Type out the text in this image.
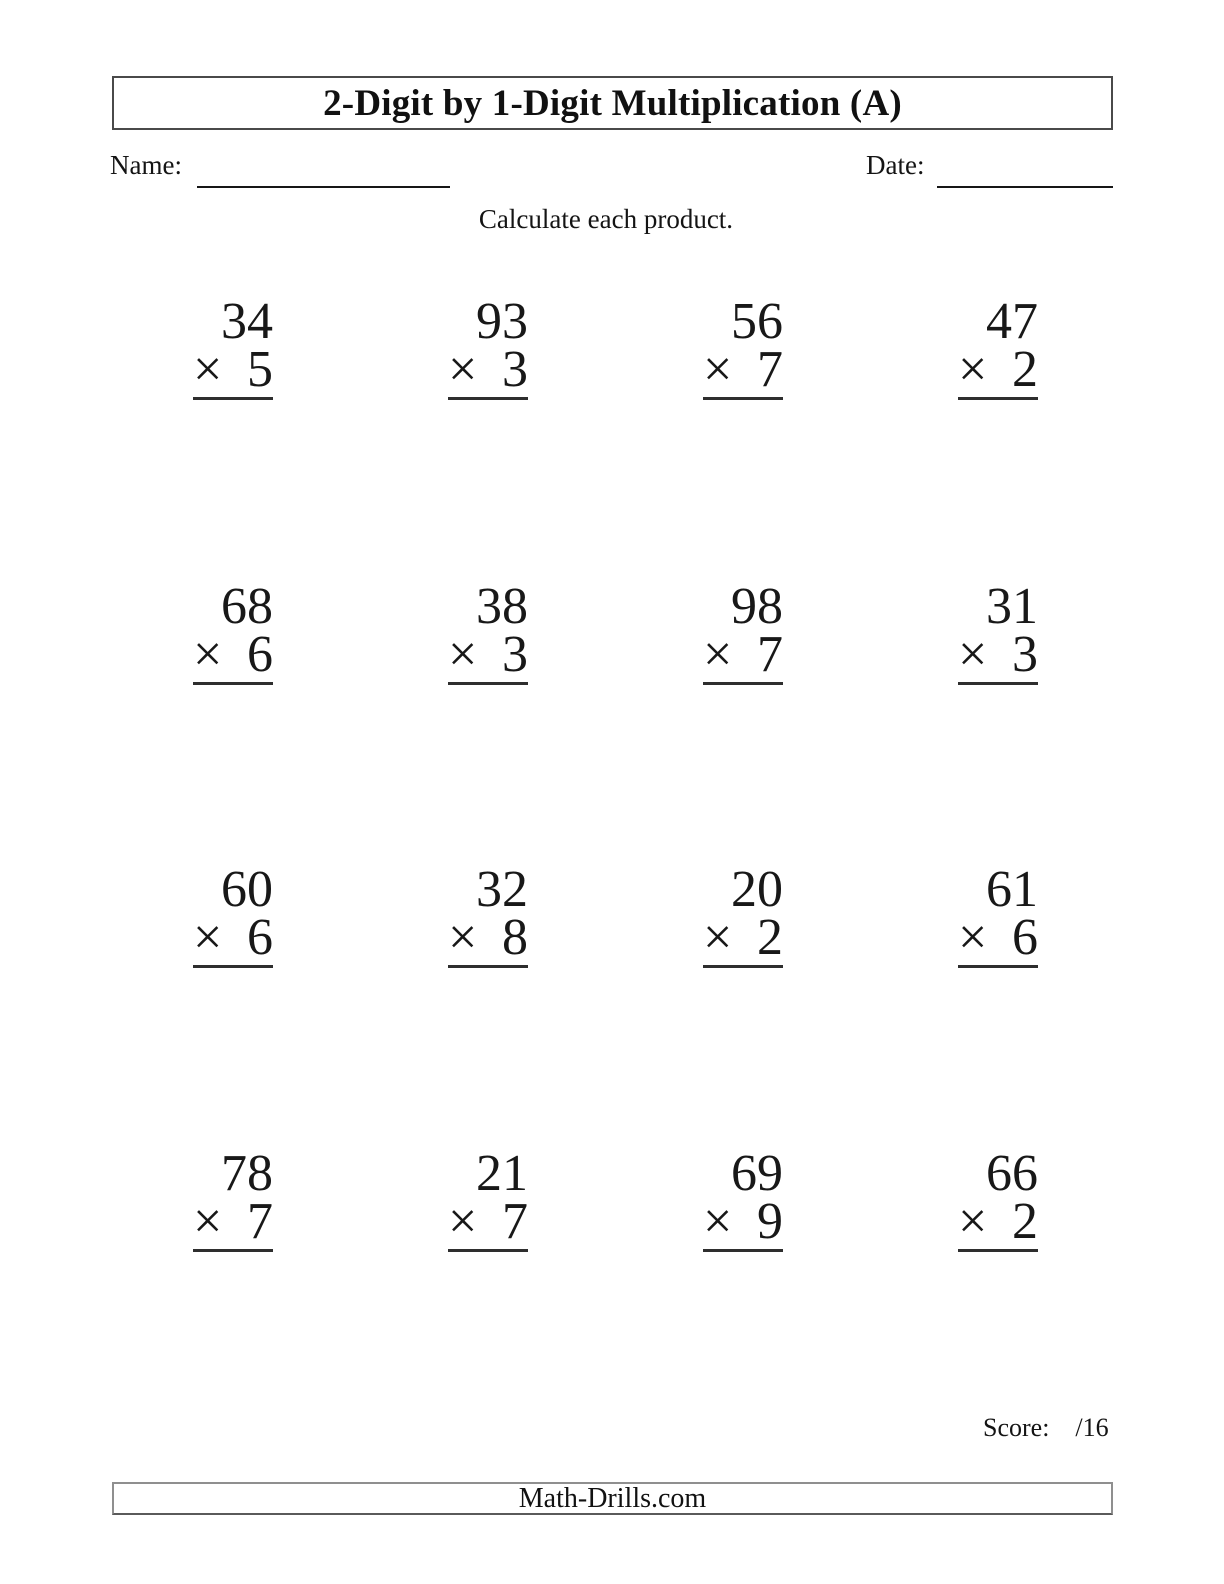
2-Digit by 1-Digit Multiplication (A)
Name:	Date:
Calculate each product.
34
× 5
93
× 3
56
× 7
47
× 2
68
× 6
38
× 3
98
× 7
31
× 3
60
× 6
32
× 8
20
× 2
61
× 6
78
× 7
21
× 7
69
× 9
66
× 2
Score: /16
Math-Drills.com
